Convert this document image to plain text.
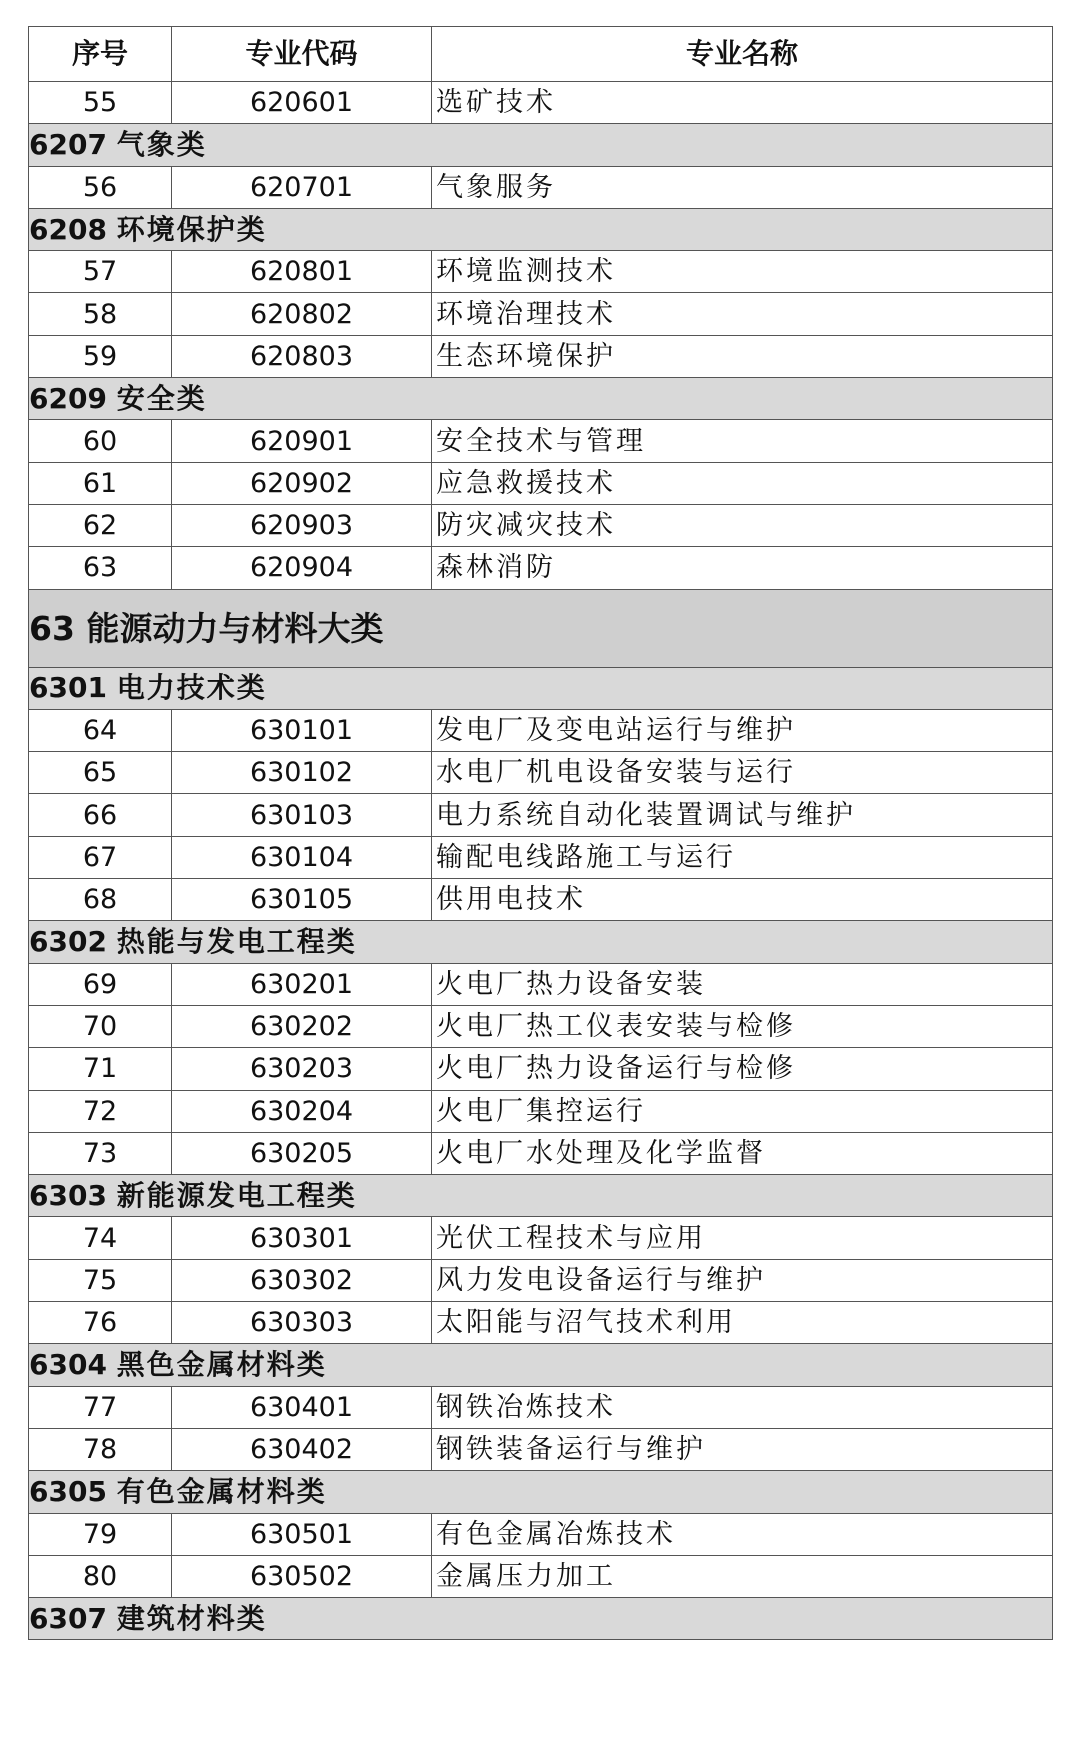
序号	专业代码	专业名称
55	620601	选矿技术
6207 气象类		
56	620701	气象服务
6208 环境保护类		
57	620801	环境监测技术
58	620802	环境治理技术
59	620803	生态环境保护
6209 安全类		
60	620901	安全技术与管理
61	620902	应急救援技术
62	620903	防灾减灾技术
63	620904	森林消防
63 能源动力与材料大类		
6301 电力技术类		
64	630101	发电厂及变电站运行与维护
65	630102	水电厂机电设备安装与运行
66	630103	电力系统自动化装置调试与维护
67	630104	输配电线路施工与运行
68	630105	供用电技术
6302 热能与发电工程类		
69	630201	火电厂热力设备安装
70	630202	火电厂热工仪表安装与检修
71	630203	火电厂热力设备运行与检修
72	630204	火电厂集控运行
73	630205	火电厂水处理及化学监督
6303 新能源发电工程类		
74	630301	光伏工程技术与应用
75	630302	风力发电设备运行与维护
76	630303	太阳能与沼气技术利用
6304 黑色金属材料类		
77	630401	钢铁冶炼技术
78	630402	钢铁装备运行与维护
6305 有色金属材料类		
79	630501	有色金属冶炼技术
80	630502	金属压力加工
6307 建筑材料类		
